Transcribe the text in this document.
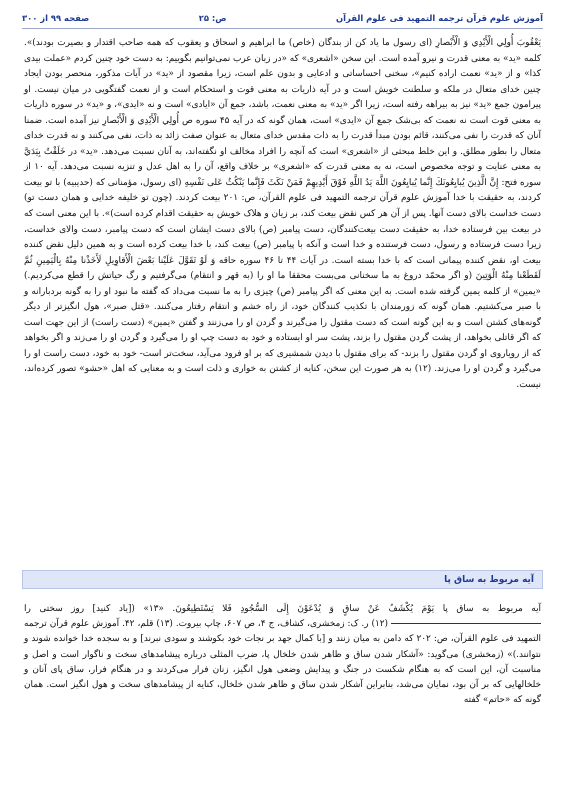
آموزش علوم قرآن ترجمه التمهید فی علوم القرآن
ص: ۲۵
صفحه ۹۹ از ۳۰۰

يَعْقُوبَ أُولِي الْأَيْدِي وَ الْأَبْصارِ (ای رسول ما یاد کن از بندگان (خاص) ما ابراهیم و اسحاق و یعقوب که همه صاحب اقتدار و بصیرت بودند)». کلمه «ید» به معنی قدرت و نیرو آمده است. این سخن «اشعری» که «در زبان عرب نمی‌توانیم بگوییم: به دست خود چنین کردم «عملت بیدی کذا» و از «ید» نعمت اراده کنیم»، سخنی احساساتی و ادعایی و بدون علم است، زیرا مقصود از «ید» در آیات مذکور، منحصر بودن ایجاد چنین خدای متعال در ملکه و سلطنت خویش است و در آیه ذاریات به معنی قوت و استحکام است و از نعمت گفتگویی در میان نیست. او پیرامون جمع «ید» نیز به بیراهه رفته است، زیرا اگر «ید» به معنی نعمت، باشد، جمع آن «ایادی» است و نه «ایدی»، و «ید» در سوره ذاریات به معنی قوت است نه نعمت که بی‌شک جمع آن «ایدی» است، همان گونه که در آیه ۴۵ سوره ص أُولِي الْأَيْدِي وَ الْأَبْصارِ نیز آمده است. ضمنا آنان که قدرت را نفی می‌کنند، قائم بودن مبدأ قدرت را به ذات مقدس خدای متعال به عنوان صفت زائد به ذات، نفی می‌کنند و نه قدرت خدای متعال را بطور مطلق. و این خلط مبحثی از «اشعری» است که آنچه را افراد مخالف او نگفته‌اند، به آنان نسبت می‌دهد. «ید» در خَلَقْتُ بِيَدَيَّ به معنی عنایت و توجه مخصوص است، نه به معنی قدرت که «اشعری» بر خلاف واقع، آن را به اهل عدل و تنزیه نسبت می‌دهد. آیه ۱۰ از سوره فتح: إِنَّ الَّذِينَ يُبايِعُونَكَ إِنَّما يُبايِعُونَ اللَّهَ يَدُ اللَّهِ فَوْقَ أَيْدِيهِمْ فَمَنْ نَكَثَ فَإِنَّما يَنْكُثُ عَلى نَفْسِهِ (ای رسول، مؤمنانی که (حدیبیه) با تو بیعت کردند، به حقیقت با خدا آموزش علوم قرآن ترجمه التمهید فی علوم القرآن، ص: ۲۰۱ بیعت کردند. (چون تو خلیفه خدایی و همان دست تو) دست خداست بالای دست آنها. پس از آن هر کس نقض بیعت کند، بر زیان و هلاک خویش به حقیقت اقدام کرده است)». با این معنی است که در بیعت بین فرستاده خدا، به حقیقت دست بیعت‌کنندگان، دست پیامبر (ص) بالای دست ایشان است که دست پیامبر، دست والای خداست، زیرا دست فرستاده و رسول، دست فرستنده و خدا است و آنکه با پیامبر (ص) بیعت کند، با خدا بیعت کرده است و به همین دلیل نقض کننده بیعت او، نقض کننده پیمانی است که با خدا بسته است. در آیات ۴۴ تا ۴۶ سوره حاقه وَ لَوْ تَقَوَّلَ عَلَيْنا بَعْضَ الْأَقاوِيلِ لَأَخَذْنا مِنْهُ بِالْيَمِينِ ثُمَّ لَقَطَعْنا مِنْهُ الْوَتِينَ (و اگر محمّد دروغ به ما سخنانی می‌بست محققا ما او را (به قهر و انتقام) می‌گرفتیم و رگ حیاتش را قطع می‌کردیم.) «یمین» از کلمه یمین گرفته شده است. به این معنی که اگر پیامبر (ص) چیزی را به ما نسبت می‌داد که گفته ما نبود او را به گونه بردبارانه و با صبر می‌کشتیم. همان گونه که زورمندان با تکذیب کنندگان خود، از راه خشم و انتقام رفتار می‌کنند. «قتل صبر»، هول انگیزتر از دیگر گونه‌های کشتن است و به این گونه است که دست مقتول را می‌گیرند و گردن او را می‌زنند و گفتن «یمین» (دست راست) از این جهت است که اگر قاتلی بخواهد، از پشت گردن مقتول را بزند، پشت سر او ایستاده و خود به دست چپ او را می‌گیرد و گردن او را می‌زند و اگر بخواهد که از رویاروی او گردن مقتول را بزند- که برای مقتول با دیدن شمشیری که بر او فرود می‌آید، سخت‌تر است- خود به خود، دست راست او را می‌گیرد و گردن او را می‌زند. (۱۲) به هر صورت این سخن، کنایه از کشتن به خواری و ذلت است و به معنایی که اهل «حشو» تصور کرده‌اند، نیست.

آیه مربوط به ساق پا

آیه مربوط به ساق پا يَوْمَ يُكْشَفُ عَنْ ساقٍ وَ يُدْعَوْنَ إِلَى السُّجُودِ فَلا يَسْتَطِيعُونَ. «۱۳» ([یاد کنید] روز سختی را  (۱۲) ر. ک: زمخشری، کشاف، ج ۴، ص ۶۰۷، چاپ بیروت. (۱۳) قلم، ۴۲. آموزش علوم قرآن ترجمه التمهید فی علوم القرآن، ص: ۲۰۲ که دامن به میان زنند و [با کمال جهد بر نجات خود بکوشند و سودی نبرند] و به سجده خدا خوانده شوند و نتوانند.)» (زمخشری) می‌گوید: «آشکار شدن ساق و ظاهر شدن خلخال پا، ضرب المثلی درباره پیشامدهای سخت و ناگوار است و اصل و مناسبت آن، این است که به هنگام شکست در جنگ و پیدایش وضعی هول انگیز، زنان فرار می‌کردند و در هنگام فرار، ساق پای آنان و خلخالهایی که بر آن بود، نمایان می‌شد، بنابراین آشکار شدن ساق و ظاهر شدن خلخال، کنایه از پیشامدهای سخت و هول انگیز است. همان گونه که «حاتم» گفته
